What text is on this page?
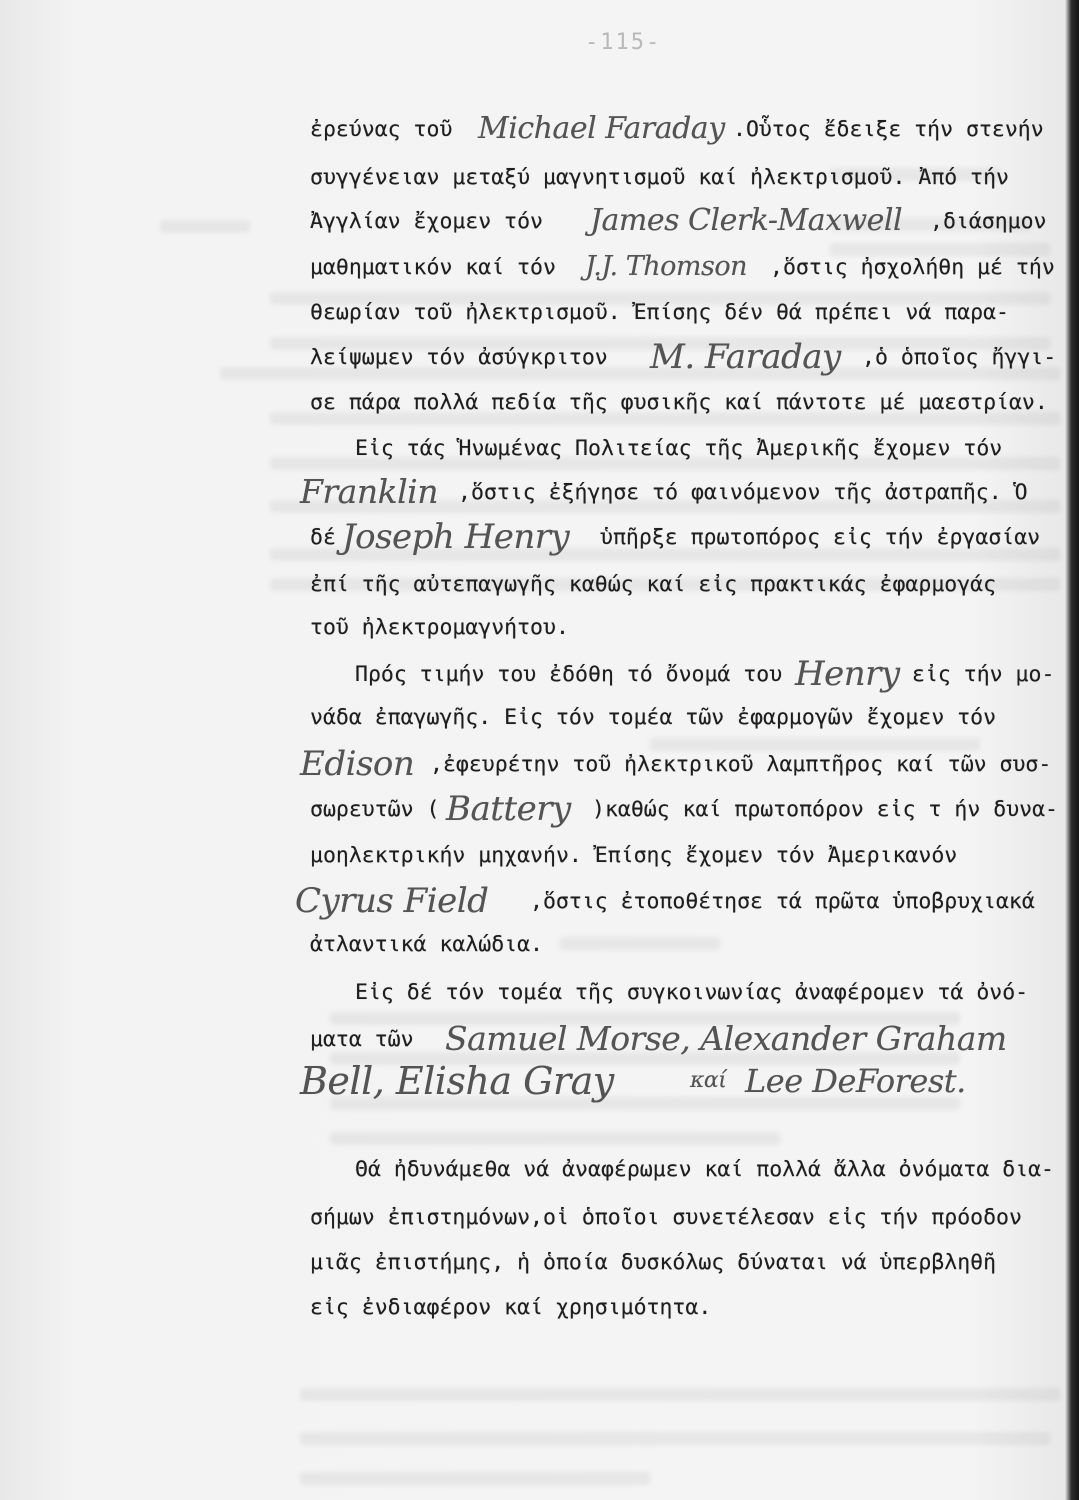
-115-
ἐρεύνας τοῦ Michael Faraday .Οὗτος ἔδειξε τήν στενήν
συγγένειαν μεταξύ μαγνητισμοῦ καί ἠλεκτρισμοῦ. Ἀπό τήν
Ἀγγλίαν ἔχομεν τόν James Clerk-Maxwell ,διάσημον
μαθηματικόν καί τόν J.J. Thomson ,ὅστις ἠσχολήθη μέ τήν
θεωρίαν τοῦ ἠλεκτρισμοῦ. Ἐπίσης δέν θά πρέπει νά παρα-
λείψωμεν τόν ἀσύγκριτον M. Faraday ,ὁ ὁποῖος ἤγγι-
σε πάρα πολλά πεδία τῆς φυσικῆς καί πάντοτε μέ μαεστρίαν.
Εἰς τάς Ἡνωμένας Πολιτείας τῆς Ἀμερικῆς ἔχομεν τόν
Franklin ,ὅστις ἐξήγησε τό φαινόμενον τῆς ἀστραπῆς. Ὁ
δέ Joseph Henry ὑπῆρξε πρωτοπόρος εἰς τήν ἐργασίαν
ἐπί τῆς αὐτεπαγωγῆς καθώς καί εἰς πρακτικάς ἐφαρμογάς
τοῦ ἠλεκτρομαγνήτου.
Πρός τιμήν του ἐδόθη τό ὄνομά του Henry εἰς τήν μο-
νάδα ἐπαγωγῆς. Εἰς τόν τομέα τῶν ἐφαρμογῶν ἔχομεν τόν
Edison ,ἐφευρέτην τοῦ ἠλεκτρικοῦ λαμπτῆρος καί τῶν συσ-
σωρευτῶν ( Battery )καθώς καί πρωτοπόρον εἰς τ ήν δυνα-
μοηλεκτρικήν μηχανήν. Ἐπίσης ἔχομεν τόν Ἀμερικανόν
Cyrus Field ,ὅστις ἐτοποθέτησε τά πρῶτα ὑποβρυχιακά
ἀτλαντικά καλώδια.
Εἰς δέ τόν τομέα τῆς συγκοινωνίας ἀναφέρομεν τά ὀνό-
ματα τῶν Samuel Morse, Alexander Graham
Bell, Elisha Gray	καί Lee DeForest.
Θά ἠδυνάμεθα νά ἀναφέρωμεν καί πολλά ἄλλα ὀνόματα δια-
σήμων ἐπιστημόνων,οἱ ὁποῖοι συνετέλεσαν εἰς τήν πρόοδον
μιᾶς ἐπιστήμης, ἡ ὁποία δυσκόλως δύναται νά ὑπερβληθῆ
εἰς ἐνδιαφέρον καί χρησιμότητα.
